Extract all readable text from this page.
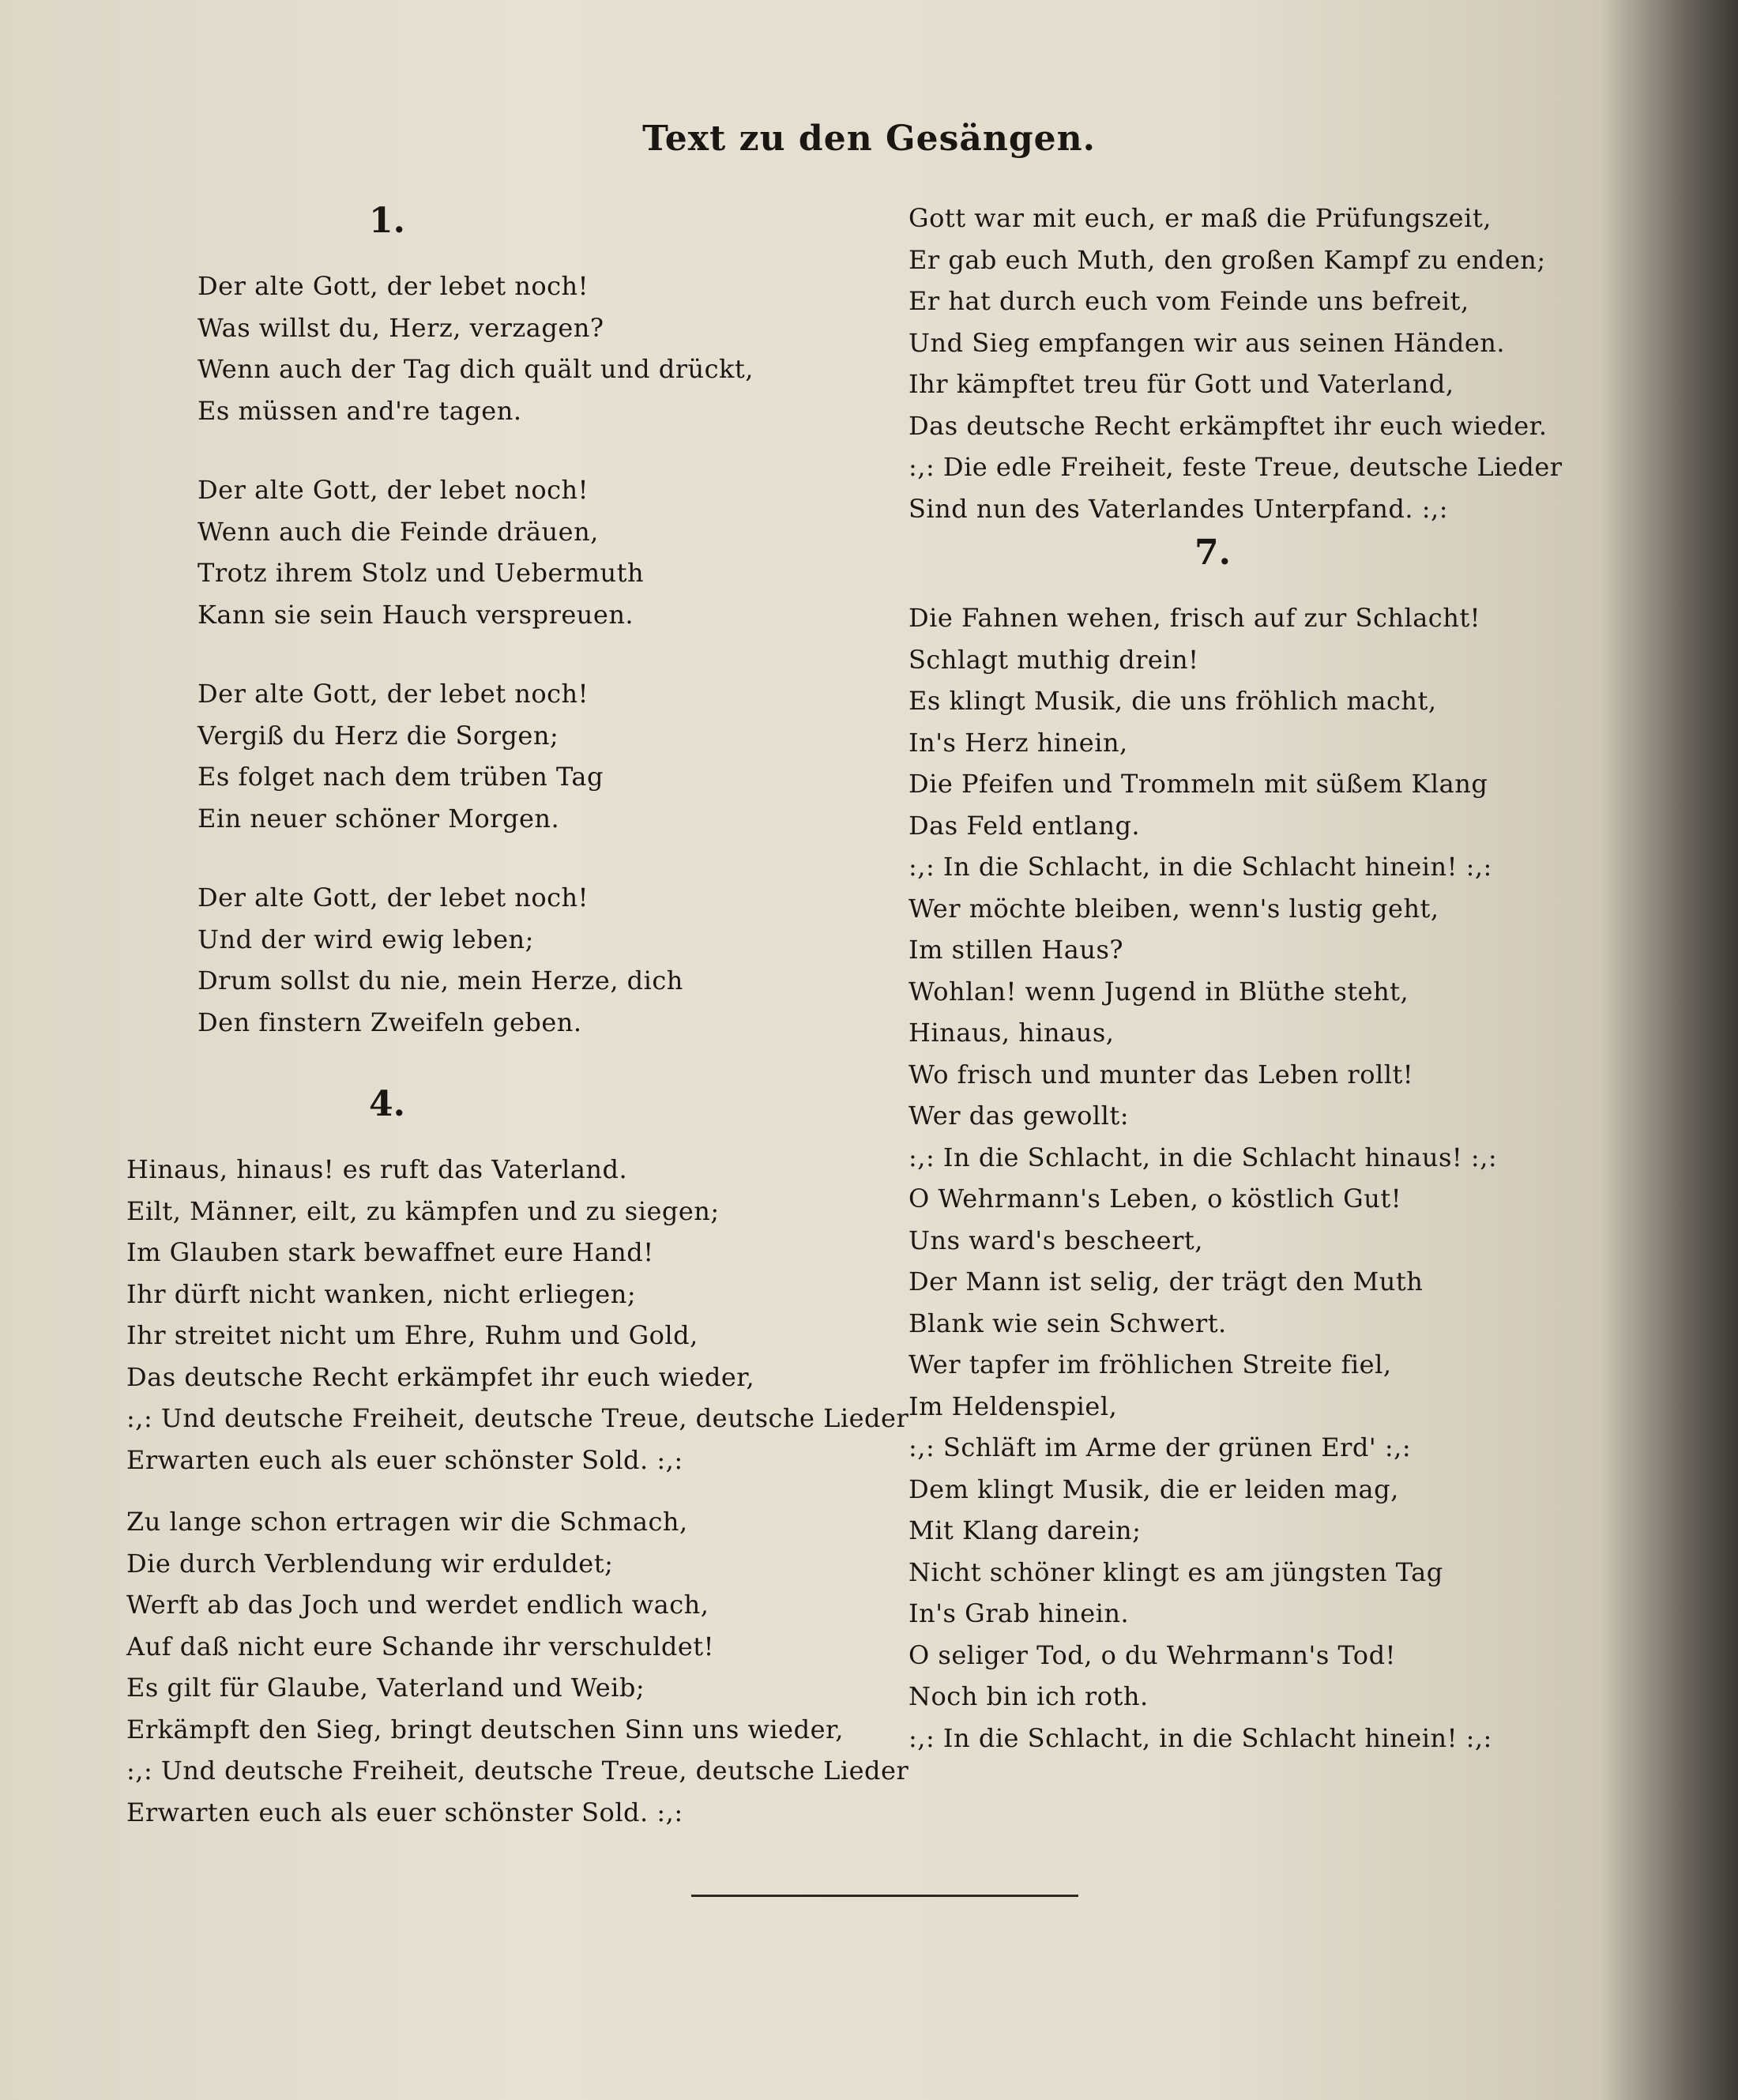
Text zu den Gesängen.
1.
Der alte Gott, der lebet noch!
Was willst du, Herz, verzagen?
Wenn auch der Tag dich quält und drückt,
Es müssen and're tagen.
Der alte Gott, der lebet noch!
Wenn auch die Feinde dräuen,
Trotz ihrem Stolz und Uebermuth
Kann sie sein Hauch verspreuen.
Der alte Gott, der lebet noch!
Vergiß du Herz die Sorgen;
Es folget nach dem trüben Tag
Ein neuer schöner Morgen.
Der alte Gott, der lebet noch!
Und der wird ewig leben;
Drum sollst du nie, mein Herze, dich
Den finstern Zweifeln geben.
4.
Hinaus, hinaus! es ruft das Vaterland.
Eilt, Männer, eilt, zu kämpfen und zu siegen;
Im Glauben stark bewaffnet eure Hand!
Ihr dürft nicht wanken, nicht erliegen;
Ihr streitet nicht um Ehre, Ruhm und Gold,
Das deutsche Recht erkämpfet ihr euch wieder,
:,: Und deutsche Freiheit, deutsche Treue, deutsche Lieder
Erwarten euch als euer schönster Sold. :,:
Zu lange schon ertragen wir die Schmach,
Die durch Verblendung wir erduldet;
Werft ab das Joch und werdet endlich wach,
Auf daß nicht eure Schande ihr verschuldet!
Es gilt für Glaube, Vaterland und Weib;
Erkämpft den Sieg, bringt deutschen Sinn uns wieder,
:,: Und deutsche Freiheit, deutsche Treue, deutsche Lieder
Erwarten euch als euer schönster Sold. :,:
Gott war mit euch, er maß die Prüfungszeit,
Er gab euch Muth, den großen Kampf zu enden;
Er hat durch euch vom Feinde uns befreit,
Und Sieg empfangen wir aus seinen Händen.
Ihr kämpftet treu für Gott und Vaterland,
Das deutsche Recht erkämpftet ihr euch wieder.
:,: Die edle Freiheit, feste Treue, deutsche Lieder
Sind nun des Vaterlandes Unterpfand. :,:
7.
Die Fahnen wehen, frisch auf zur Schlacht!
Schlagt muthig drein!
Es klingt Musik, die uns fröhlich macht,
In's Herz hinein,
Die Pfeifen und Trommeln mit süßem Klang
Das Feld entlang.
:,: In die Schlacht, in die Schlacht hinein! :,:
Wer möchte bleiben, wenn's lustig geht,
Im stillen Haus?
Wohlan! wenn Jugend in Blüthe steht,
Hinaus, hinaus,
Wo frisch und munter das Leben rollt!
Wer das gewollt:
:,: In die Schlacht, in die Schlacht hinaus! :,:
O Wehrmann's Leben, o köstlich Gut!
Uns ward's bescheert,
Der Mann ist selig, der trägt den Muth
Blank wie sein Schwert.
Wer tapfer im fröhlichen Streite fiel,
Im Heldenspiel,
:,: Schläft im Arme der grünen Erd' :,:
Dem klingt Musik, die er leiden mag,
Mit Klang darein;
Nicht schöner klingt es am jüngsten Tag
In's Grab hinein.
O seliger Tod, o du Wehrmann's Tod!
Noch bin ich roth.
:,: In die Schlacht, in die Schlacht hinein! :,:
